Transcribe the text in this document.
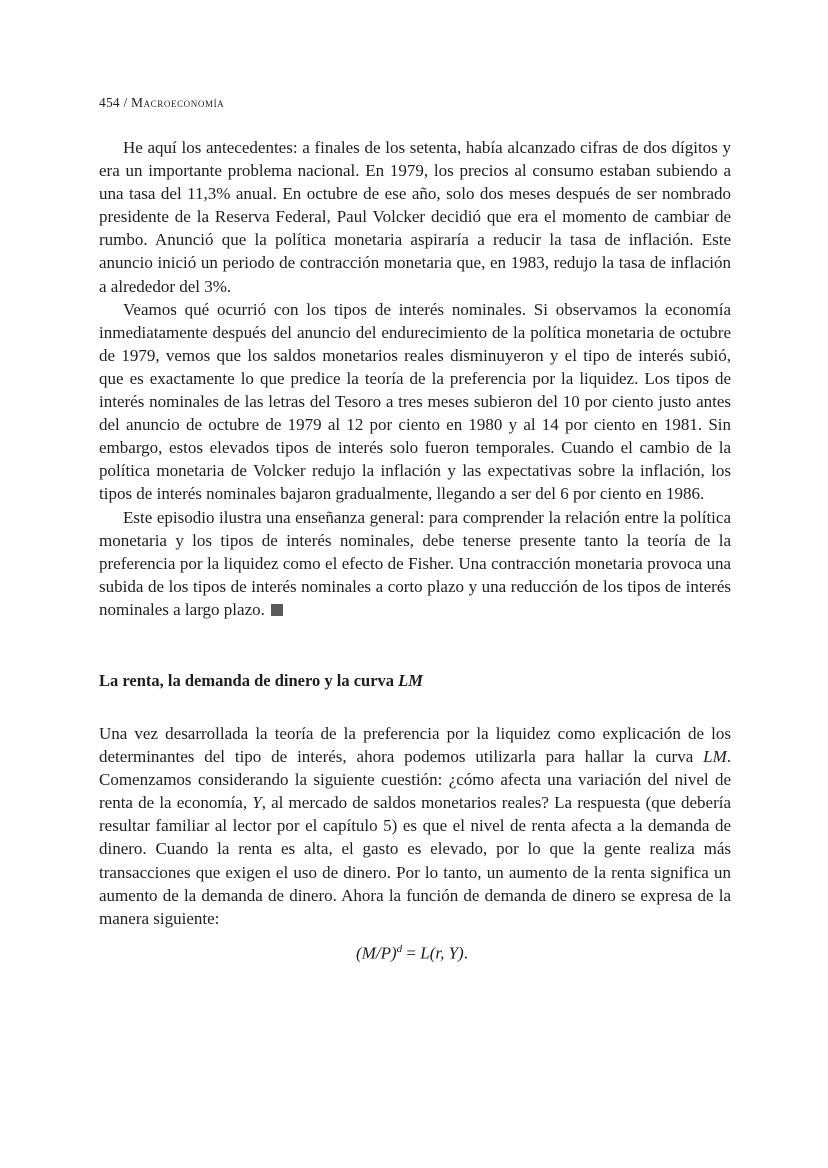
454 / Macroeconomía

He aquí los antecedentes: a finales de los setenta, había alcanzado cifras de dos dígitos y era un importante problema nacional. En 1979, los precios al consumo estaban subiendo a una tasa del 11,3% anual. En octubre de ese año, solo dos meses después de ser nombrado presidente de la Reserva Federal, Paul Volcker decidió que era el momento de cambiar de rumbo. Anunció que la política monetaria aspiraría a reducir la tasa de inflación. Este anuncio inició un periodo de contracción monetaria que, en 1983, redujo la tasa de inflación a alrededor del 3%.

Veamos qué ocurrió con los tipos de interés nominales. Si observamos la economía inmediatamente después del anuncio del endurecimiento de la política monetaria de octubre de 1979, vemos que los saldos monetarios reales disminuyeron y el tipo de interés subió, que es exactamente lo que predice la teoría de la preferencia por la liquidez. Los tipos de interés nominales de las letras del Tesoro a tres meses subieron del 10 por ciento justo antes del anuncio de octubre de 1979 al 12 por ciento en 1980 y al 14 por ciento en 1981. Sin embargo, estos elevados tipos de interés solo fueron temporales. Cuando el cambio de la política monetaria de Volcker redujo la inflación y las expectativas sobre la inflación, los tipos de interés nominales bajaron gradualmente, llegando a ser del 6 por ciento en 1986.

Este episodio ilustra una enseñanza general: para comprender la relación entre la política monetaria y los tipos de interés nominales, debe tenerse presente tanto la teoría de la preferencia por la liquidez como el efecto de Fisher. Una contracción monetaria provoca una subida de los tipos de interés nominales a corto plazo y una reducción de los tipos de interés nominales a largo plazo.

La renta, la demanda de dinero y la curva LM

Una vez desarrollada la teoría de la preferencia por la liquidez como explicación de los determinantes del tipo de interés, ahora podemos utilizarla para hallar la curva LM. Comenzamos considerando la siguiente cuestión: ¿cómo afecta una variación del nivel de renta de la economía, Y, al mercado de saldos monetarios reales? La respuesta (que debería resultar familiar al lector por el capítulo 5) es que el nivel de renta afecta a la demanda de dinero. Cuando la renta es alta, el gasto es elevado, por lo que la gente realiza más transacciones que exigen el uso de dinero. Por lo tanto, un aumento de la renta significa un aumento de la demanda de dinero. Ahora la función de demanda de dinero se expresa de la manera siguiente:

$(M/P)^d = L(r$, Y).
